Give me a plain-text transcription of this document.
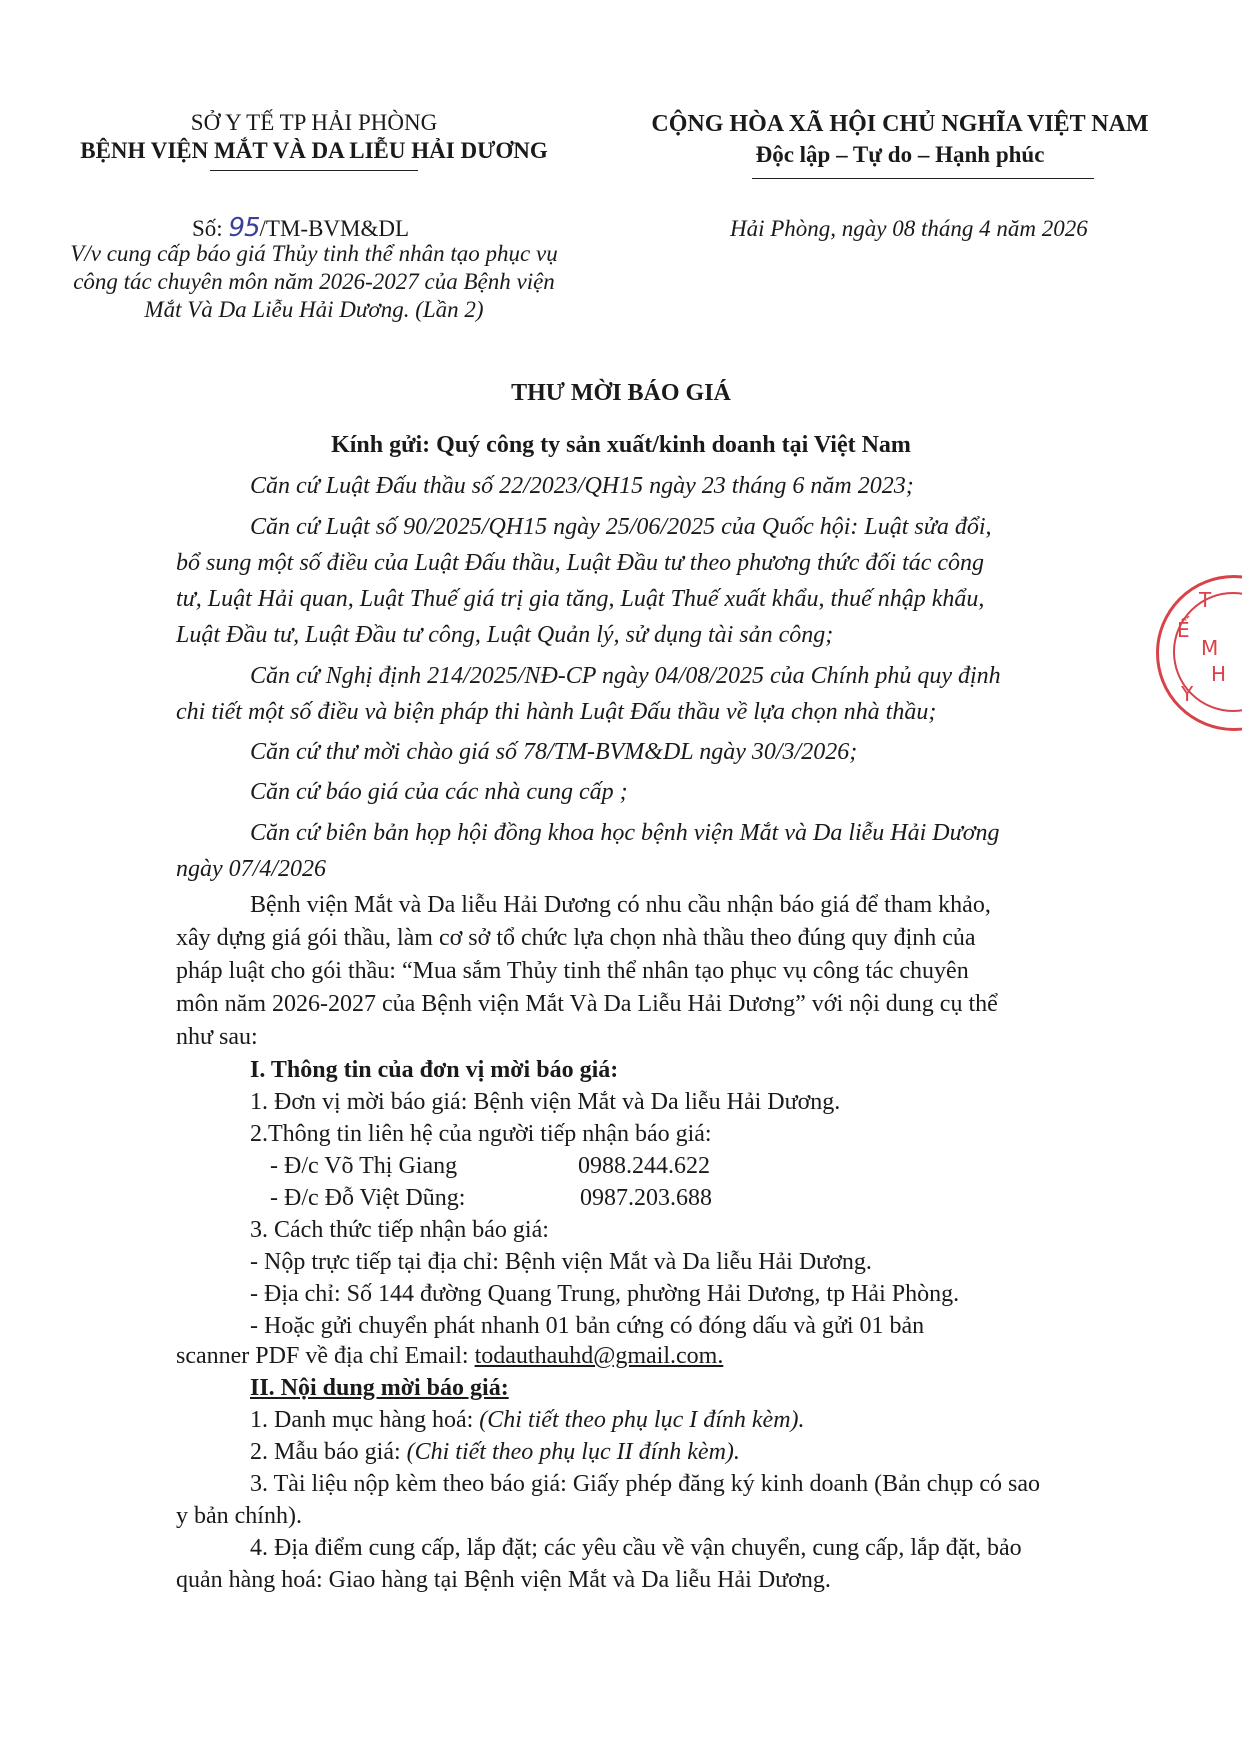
SỞ Y TẾ TP HẢI PHÒNG
BỆNH VIỆN MẮT VÀ DA LIỄU HẢI DƯƠNG
Số: 95/TM-BVM&DL
V/v cung cấp báo giá Thủy tinh thể nhân tạo phục vụ
công tác chuyên môn năm 2026-2027 của Bệnh viện
Mắt Và Da Liễu Hải Dương. (Lần 2)
CỘNG HÒA XÃ HỘI CHỦ NGHĨA VIỆT NAM
Độc lập – Tự do – Hạnh phúc
Hải Phòng, ngày 08 tháng 4 năm 2026
THƯ MỜI BÁO GIÁ
Kính gửi: Quý công ty sản xuất/kinh doanh tại Việt Nam
Căn cứ Luật Đấu thầu số 22/2023/QH15 ngày 23 tháng 6 năm 2023;
Căn cứ Luật số 90/2025/QH15 ngày 25/06/2025 của Quốc hội: Luật sửa đổi,
bổ sung một số điều của Luật Đấu thầu, Luật Đầu tư theo phương thức đối tác công
tư, Luật Hải quan, Luật Thuế giá trị gia tăng, Luật Thuế xuất khẩu, thuế nhập khẩu,
Luật Đầu tư, Luật Đầu tư công, Luật Quản lý, sử dụng tài sản công;
Căn cứ Nghị định 214/2025/NĐ-CP ngày 04/08/2025 của Chính phủ quy định
chi tiết một số điều và biện pháp thi hành Luật Đấu thầu về lựa chọn nhà thầu;
Căn cứ thư mời chào giá số 78/TM-BVM&DL ngày 30/3/2026;
Căn cứ báo giá của các nhà cung cấp ;
Căn cứ biên bản họp hội đồng khoa học bệnh viện Mắt và Da liễu Hải Dương
ngày 07/4/2026
Bệnh viện Mắt và Da liễu Hải Dương có nhu cầu nhận báo giá để tham khảo,
xây dựng giá gói thầu, làm cơ sở tổ chức lựa chọn nhà thầu theo đúng quy định của
pháp luật cho gói thầu: “Mua sắm Thủy tinh thể nhân tạo phục vụ công tác chuyên
môn năm 2026-2027 của Bệnh viện Mắt Và Da Liễu Hải Dương” với nội dung cụ thể
như sau:
I. Thông tin của đơn vị mời báo giá:
1. Đơn vị mời báo giá: Bệnh viện Mắt và Da liễu Hải Dương.
2.Thông tin liên hệ của người tiếp nhận báo giá:
- Đ/c Võ Thị Giang	0988.244.622
- Đ/c Đỗ Việt Dũng:	0987.203.688
3. Cách thức tiếp nhận báo giá:
- Nộp trực tiếp tại địa chỉ: Bệnh viện Mắt và Da liễu Hải Dương.
- Địa chỉ: Số 144 đường Quang Trung, phường Hải Dương, tp Hải Phòng.
- Hoặc gửi chuyển phát nhanh 01 bản cứng có đóng dấu và gửi 01 bản
scanner PDF về địa chỉ Email: todauthauhd@gmail.com.
II. Nội dung mời báo giá:
1. Danh mục hàng hoá: (Chi tiết theo phụ lục I đính kèm).
2. Mẫu báo giá: (Chi tiết theo phụ lục II đính kèm).
3. Tài liệu nộp kèm theo báo giá: Giấy phép đăng ký kinh doanh (Bản chụp có sao
y bản chính).
4. Địa điểm cung cấp, lắp đặt; các yêu cầu về vận chuyển, cung cấp, lắp đặt, bảo
quản hàng hoá: Giao hàng tại Bệnh viện Mắt và Da liễu Hải Dương.
T
Ế
M
H
Y
